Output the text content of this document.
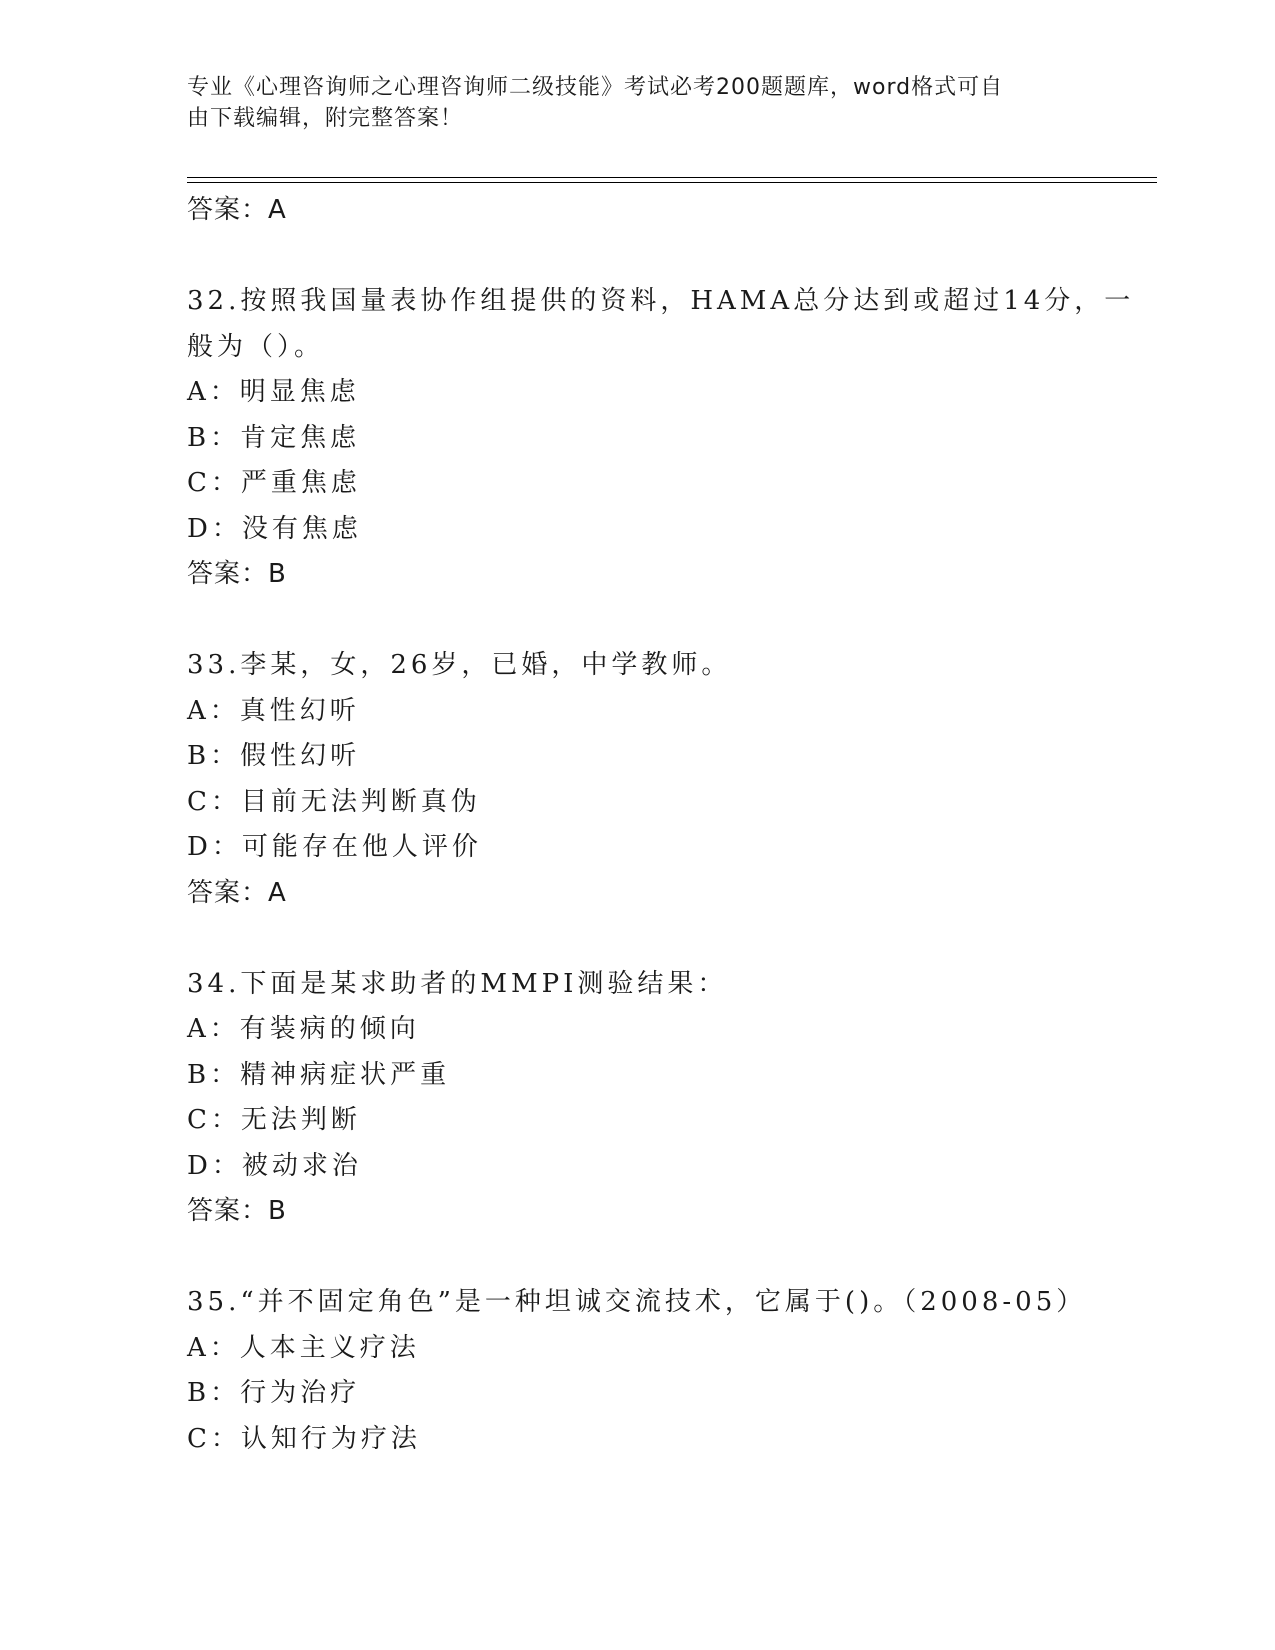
专业《心理咨询师之心理咨询师二级技能》考试必考200题题库，word格式可自
由下载编辑，附完整答案！
答案：A
32.按照我国量表协作组提供的资料，HAMA总分达到或超过14分，一
般为（）。
A：明显焦虑
B：肯定焦虑
C：严重焦虑
D：没有焦虑
答案：B
33.李某，女，26岁，已婚，中学教师。
A：真性幻听
B：假性幻听
C：目前无法判断真伪
D：可能存在他人评价
答案：A
34.下面是某求助者的MMPI测验结果：
A：有装病的倾向
B：精神病症状严重
C：无法判断
D：被动求治
答案：B
35.“并不固定角色”是一种坦诚交流技术，它属于()。（2008-05）
A：人本主义疗法
B：行为治疗
C：认知行为疗法
